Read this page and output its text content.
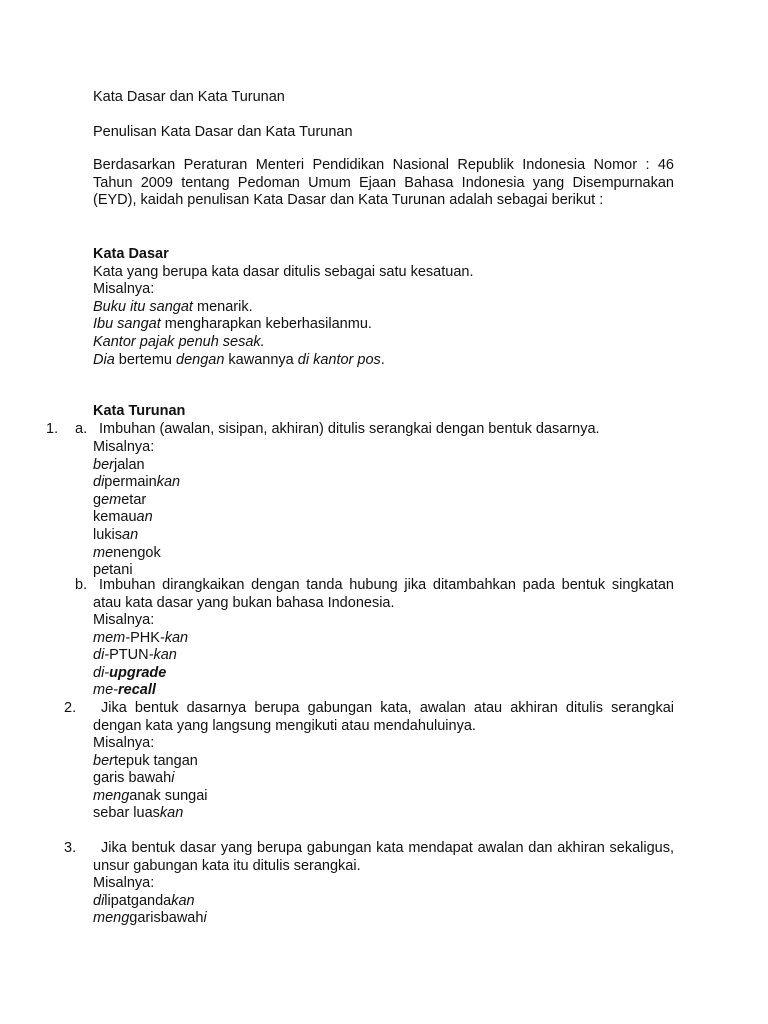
Kata Dasar dan Kata Turunan
Penulisan Kata Dasar dan Kata Turunan

Berdasarkan Peraturan Menteri Pendidikan Nasional Republik Indonesia Nomor : 46 Tahun 2009 tentang Pedoman Umum Ejaan Bahasa Indonesia yang Disempurnakan (EYD), kaidah penulisan Kata Dasar dan Kata Turunan adalah sebagai berikut :

Kata Dasar
Kata yang berupa kata dasar ditulis sebagai satu kesatuan.
Misalnya:
Buku itu sangat menarik.
Ibu sangat mengharapkan keberhasilanmu.
Kantor pajak penuh sesak.
Dia bertemu dengan kawannya di kantor pos.
Kata Turunan
1. a. Imbuhan (awalan, sisipan, akhiran) ditulis serangkai dengan bentuk dasarnya.
Misalnya:
berjalan
dipermainkan
gemetar
kemauan
lukisan
menengok
petani
b. Imbuhan dirangkaikan dengan tanda hubung jika ditambahkan pada bentuk singkatan atau kata dasar yang bukan bahasa Indonesia.

Misalnya:
mem-PHK-kan
di-PTUN-kan
di-upgrade
me-recall
2.	Jika bentuk dasarnya berupa gabungan kata, awalan atau akhiran ditulis serangkai dengan kata yang langsung mengikuti atau mendahuluinya.

Misalnya:
bertepuk tangan
garis bawahi
menganak sungai
sebar luaskan
3.	Jika bentuk dasar yang berupa gabungan kata mendapat awalan dan akhiran sekaligus, unsur gabungan kata itu ditulis serangkai.

Misalnya:
dilipatgandakan
menggarisbawahi
